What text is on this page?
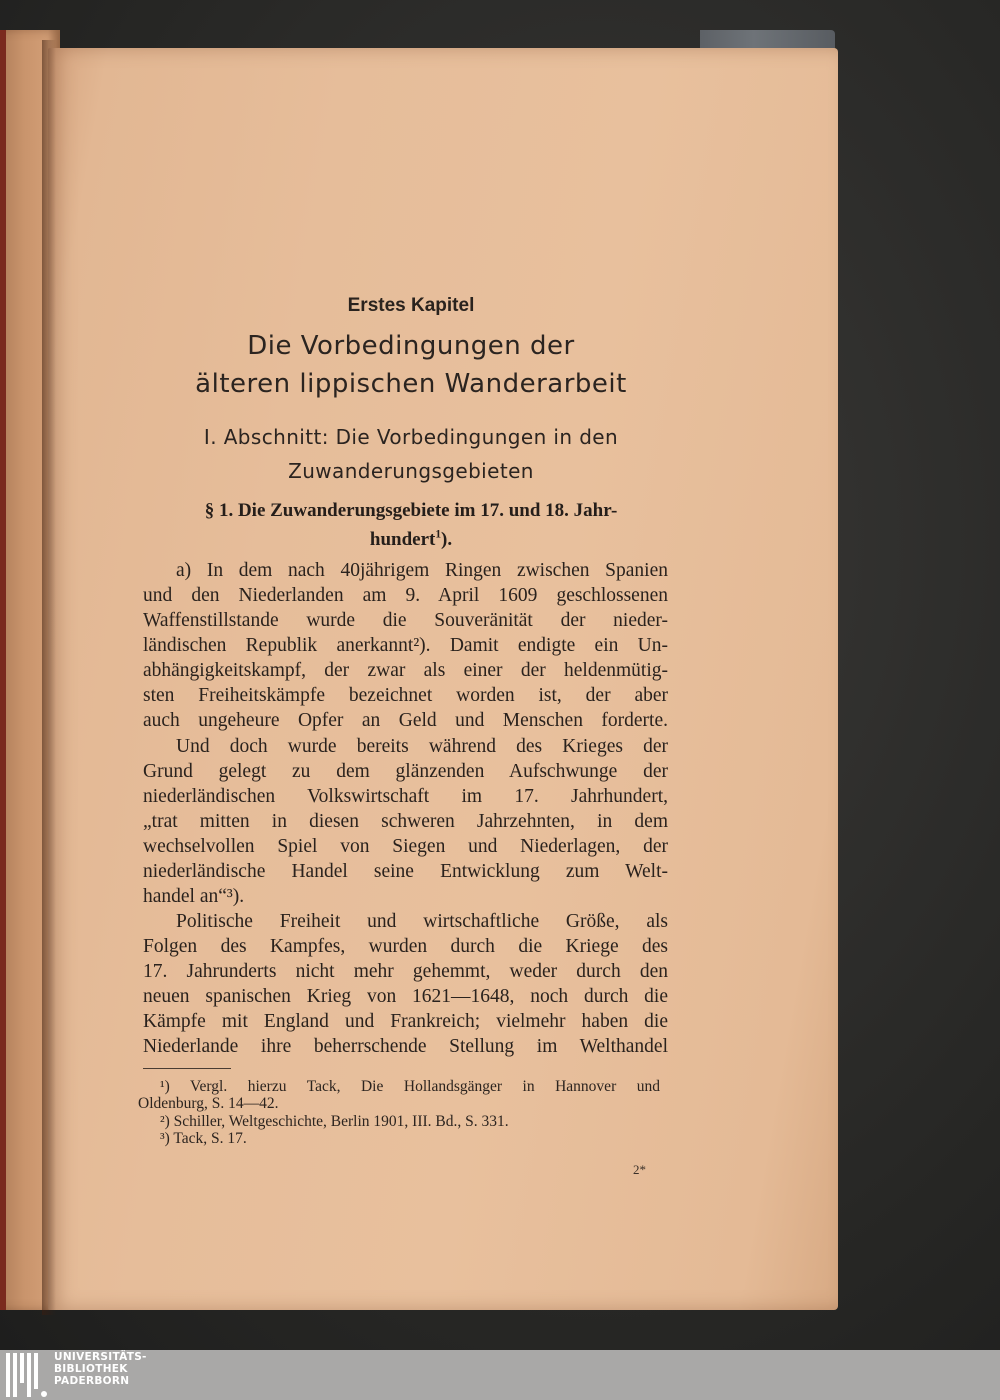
Erstes Kapitel
Die Vorbedingungen der
älteren lippischen Wanderarbeit
I. Abschnitt: Die Vorbedingungen in den
Zuwanderungsgebieten
§ 1. Die Zuwanderungsgebiete im 17. und 18. Jahr-
hundert$^1$).
a) In dem nach 40jährigem Ringen zwischen Spanien
und den Niederlanden am 9. April 1609 geschlossenen
Waffenstillstande wurde die Souveränität der nieder-
ländischen Republik anerkannt²). Damit endigte ein Un-
abhängigkeitskampf, der zwar als einer der heldenmütig-
sten Freiheitskämpfe bezeichnet worden ist, der aber
auch ungeheure Opfer an Geld und Menschen forderte.
Und doch wurde bereits während des Krieges der
Grund gelegt zu dem glänzenden Aufschwunge der
niederländischen Volkswirtschaft im 17. Jahrhundert,
„trat mitten in diesen schweren Jahrzehnten, in dem
wechselvollen Spiel von Siegen und Niederlagen, der
niederländische Handel seine Entwicklung zum Welt-
handel an“³).
Politische Freiheit und wirtschaftliche Größe, als
Folgen des Kampfes, wurden durch die Kriege des
17. Jahrunderts nicht mehr gehemmt, weder durch den
neuen spanischen Krieg von 1621—1648, noch durch die
Kämpfe mit England und Frankreich; vielmehr haben die
Niederlande ihre beherrschende Stellung im Welthandel
¹) Vergl. hierzu Tack, Die Hollandsgänger in Hannover und
Oldenburg, S. 14—42.
²) Schiller, Weltgeschichte, Berlin 1901, III. Bd., S. 331.
³) Tack, S. 17.
2*
UNIVERSITÄTS-
BIBLIOTHEK
PADERBORN
